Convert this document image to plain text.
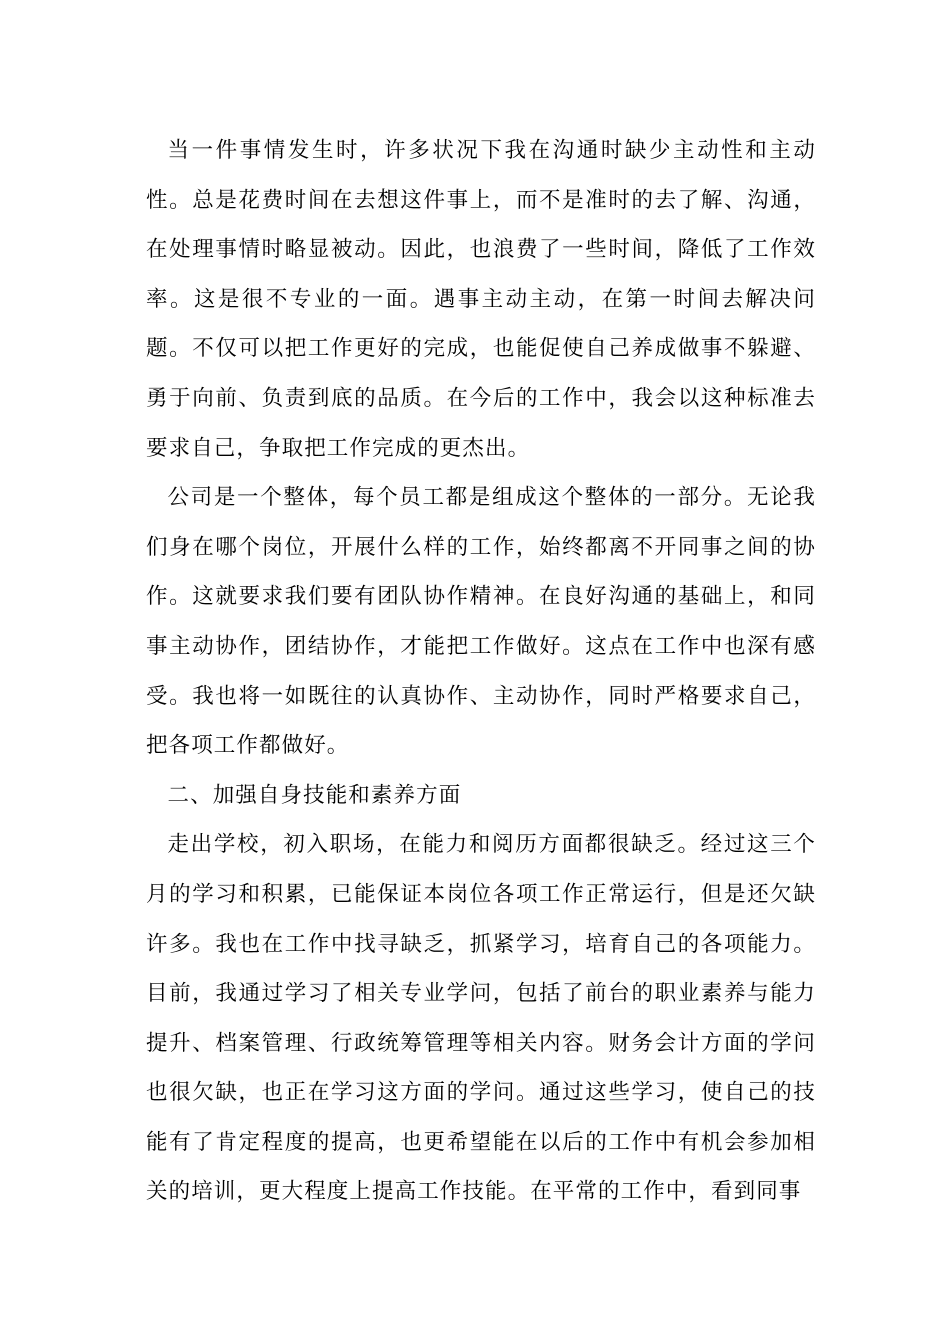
当一件事情发生时，许多状况下我在沟通时缺少主动性和主动性。总是花费时间在去想这件事上，而不是准时的去了解、沟通，在处理事情时略显被动。因此，也浪费了一些时间，降低了工作效率。这是很不专业的一面。遇事主动主动，在第一时间去解决问题。不仅可以把工作更好的完成，也能促使自己养成做事不躲避、勇于向前、负责到底的品质。在今后的工作中，我会以这种标准去要求自己，争取把工作完成的更杰出。

公司是一个整体，每个员工都是组成这个整体的一部分。无论我们身在哪个岗位，开展什么样的工作，始终都离不开同事之间的协作。这就要求我们要有团队协作精神。在良好沟通的基础上，和同事主动协作，团结协作，才能把工作做好。这点在工作中也深有感受。我也将一如既往的认真协作、主动协作，同时严格要求自己，把各项工作都做好。

二、加强自身技能和素养方面

走出学校，初入职场，在能力和阅历方面都很缺乏。经过这三个月的学习和积累，已能保证本岗位各项工作正常运行，但是还欠缺许多。我也在工作中找寻缺乏，抓紧学习，培育自己的各项能力。目前，我通过学习了相关专业学问，包括了前台的职业素养与能力提升、档案管理、行政统筹管理等相关内容。财务会计方面的学问也很欠缺，也正在学习这方面的学问。通过这些学习，使自己的技能有了肯定程度的提高，也更希望能在以后的工作中有机会参加相关的培训，更大程度上提高工作技能。在平常的工作中，看到同事
